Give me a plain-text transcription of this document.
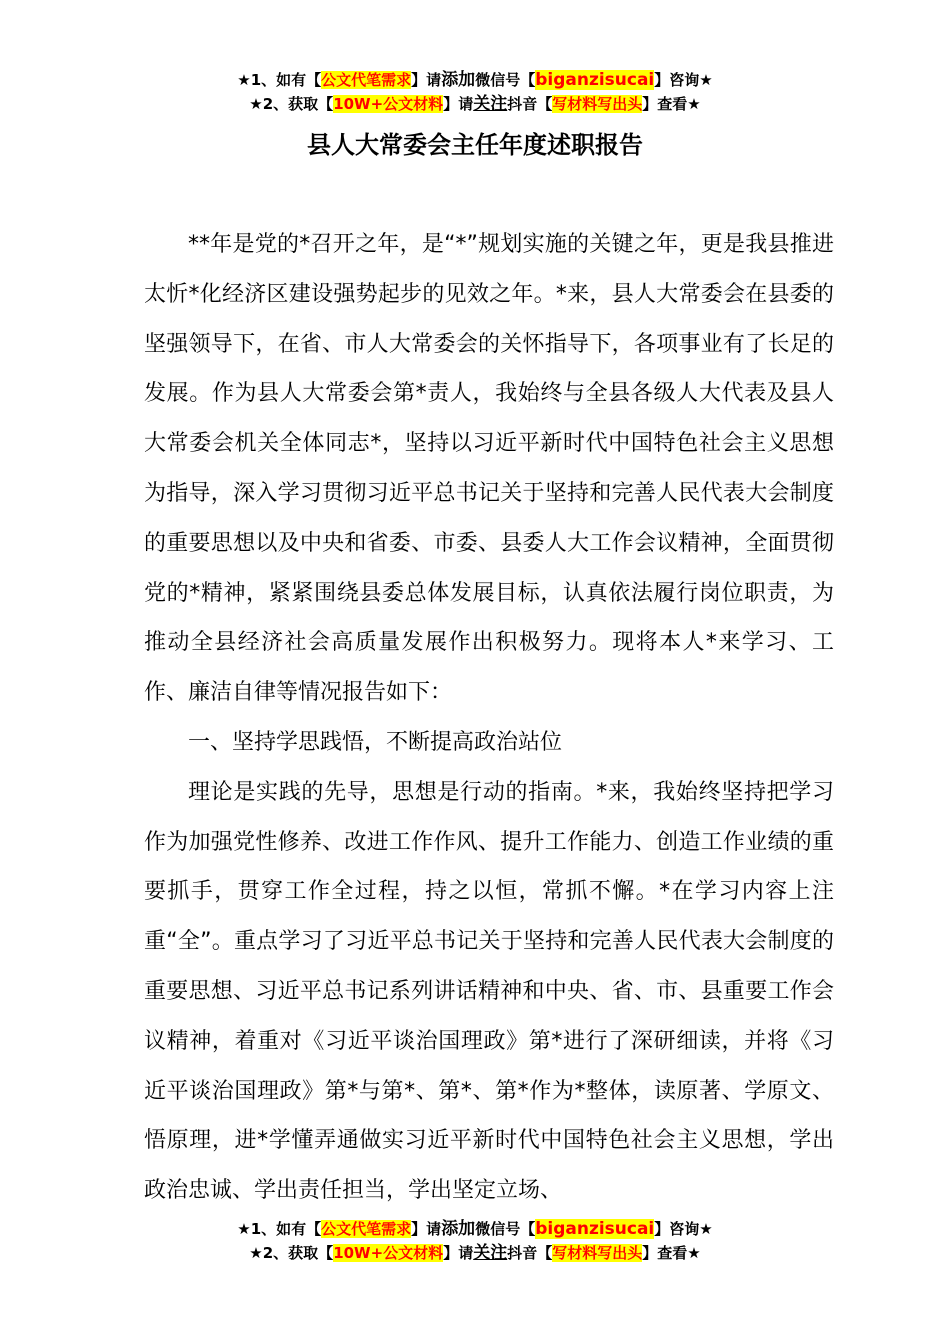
★1、如有【公文代笔需求】请添加微信号【biganzisucai】咨询★
★2、获取【10W+公文材料】请关注抖音【写材料写出头】查看★
县人大常委会主任年度述职报告

**年是党的*召开之年，是“*”规划实施的关键之年，更是我县推进太忻*化经济区建设强势起步的见效之年。*来，县人大常委会在县委的坚强领导下，在省、市人大常委会的关怀指导下，各项事业有了长足的发展。作为县人大常委会第*责人，我始终与全县各级人大代表及县人大常委会机关全体同志*，坚持以习近平新时代中国特色社会主义思想为指导，深入学习贯彻习近平总书记关于坚持和完善人民代表大会制度的重要思想以及中央和省委、市委、县委人大工作会议精神，全面贯彻党的*精神，紧紧围绕县委总体发展目标，认真依法履行岗位职责，为推动全县经济社会高质量发展作出积极努力。现将本人*来学习、工作、廉洁自律等情况报告如下：

一、坚持学思践悟，不断提高政治站位

理论是实践的先导，思想是行动的指南。*来，我始终坚持把学习作为加强党性修养、改进工作作风、提升工作能力、创造工作业绩的重要抓手，贯穿工作全过程，持之以恒，常抓不懈。*在学习内容上注重“全”。重点学习了习近平总书记关于坚持和完善人民代表大会制度的重要思想、习近平总书记系列讲话精神和中央、省、市、县重要工作会议精神，着重对《习近平谈治国理政》第*进行了深研细读，并将《习近平谈治国理政》第*与第*、第*、第*作为*整体，读原著、学原文、悟原理，进*学懂弄通做实习近平新时代中国特色社会主义思想，学出政治忠诚、学出责任担当，学出坚定立场、

★1、如有【公文代笔需求】请添加微信号【biganzisucai】咨询★
★2、获取【10W+公文材料】请关注抖音【写材料写出头】查看★
